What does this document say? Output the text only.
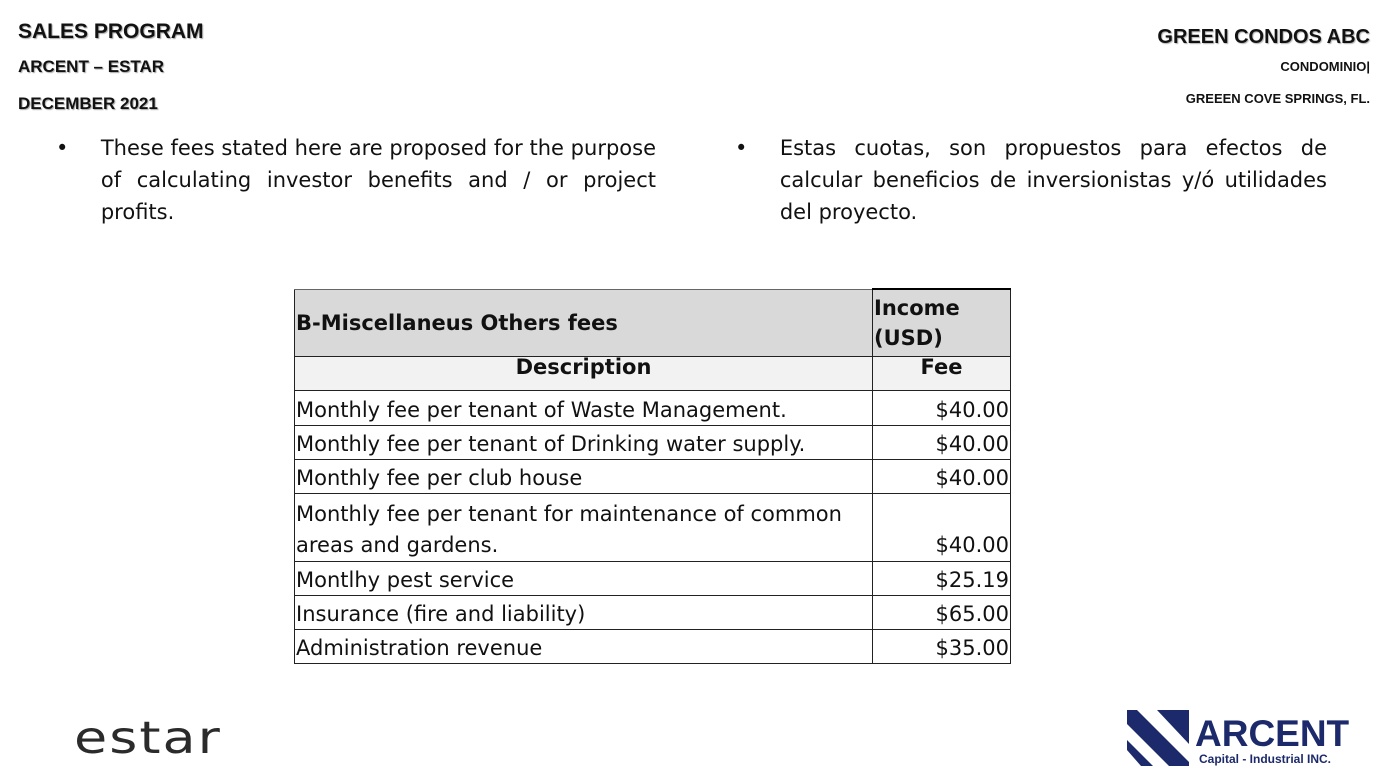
SALES PROGRAM
ARCENT – ESTAR
DECEMBER 2021
GREEN CONDOS ABC
CONDOMINIO|
GREEEN COVE SPRINGS, FL.
•	These fees stated here are proposed for the purpose of calculating investor benefits and / or project profits.
•	Estas cuotas, son propuestos para efectos de calcular beneficios de inversionistas y/ó utilidades del proyecto.
B-Miscellaneus Others fees	Income (USD)
Description	Fee
Monthly fee per tenant of Waste Management.	$40.00
Monthly fee per tenant of Drinking water supply.	$40.00
Monthly fee per club house	$40.00
Monthly fee per tenant for maintenance of common areas and gardens.	$40.00
Montlhy pest service	$25.19
Insurance (fire and liability)	$65.00
Administration revenue	$35.00
estar	ARCENT
Capital - Industrial INC.
